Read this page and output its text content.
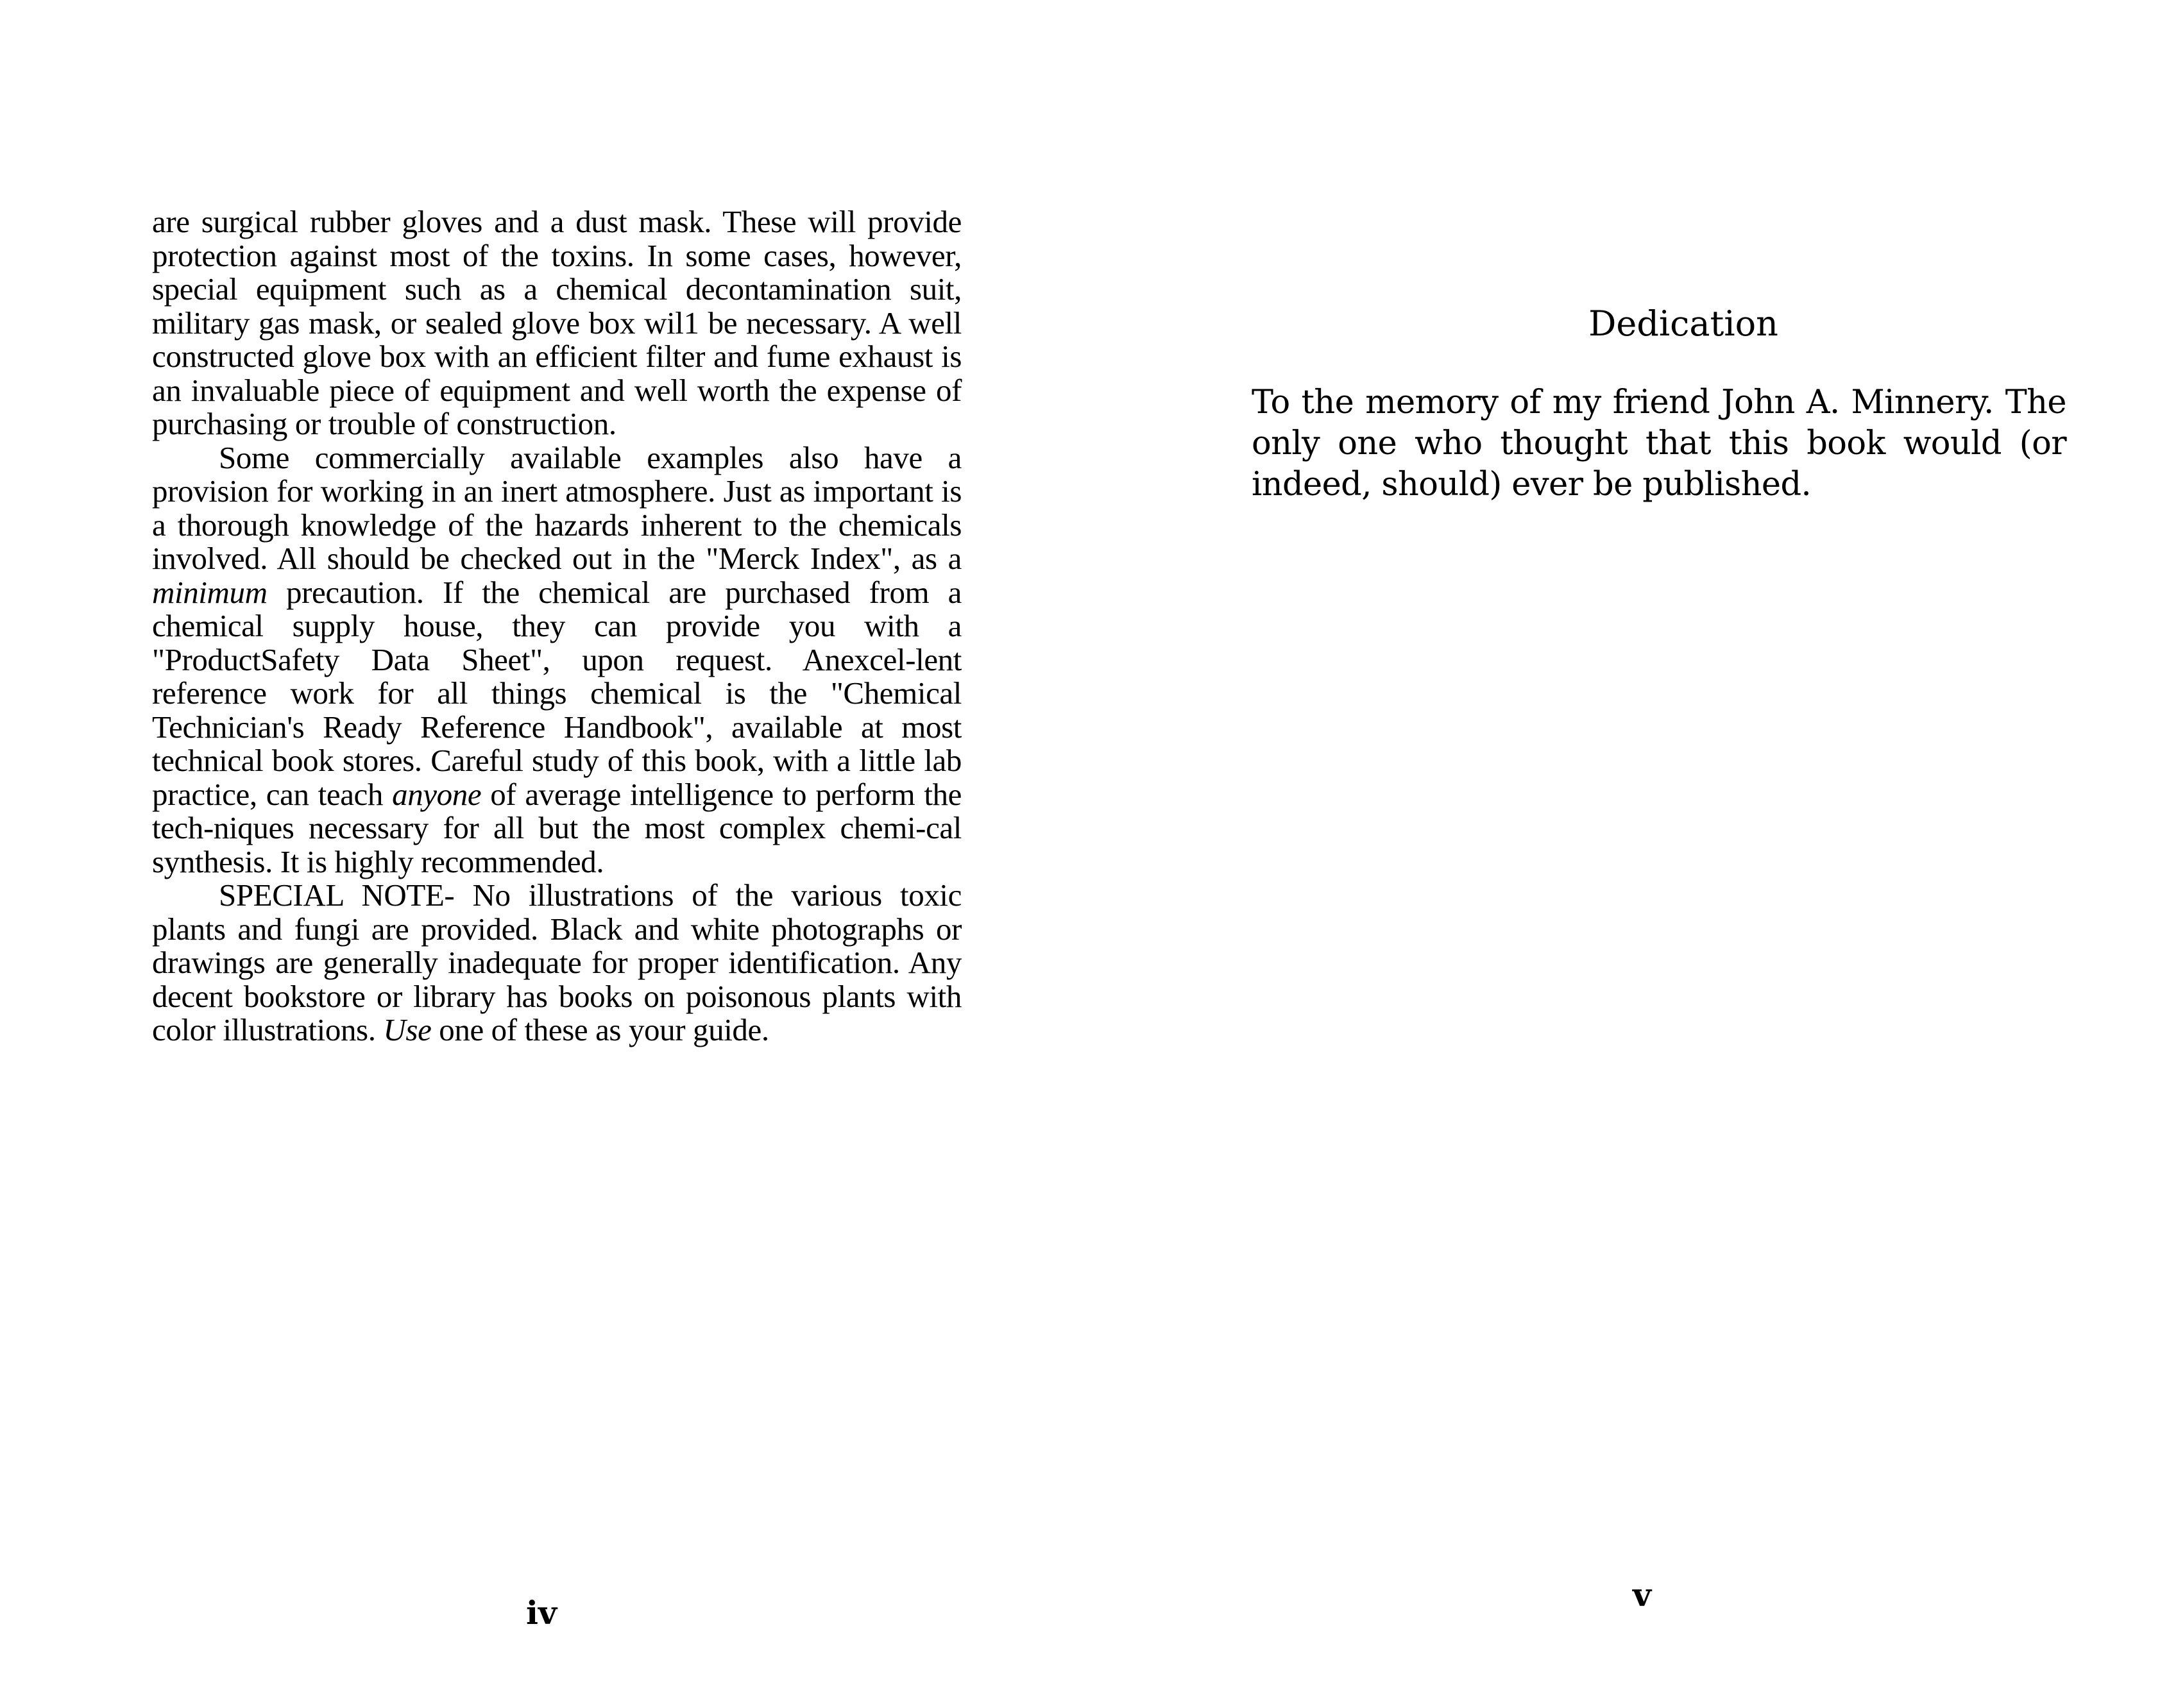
are surgical rubber gloves and a dust mask. These will provide protection against most of the toxins. In some cases, however, special equipment such as a chemical decontamination suit, military gas mask, or sealed glove box wil1 be necessary. A well constructed glove box with an efficient filter and fume exhaust is an invaluable piece of equipment and well worth the expense of purchasing or trouble of construction.

Some commercially available examples also have a provision for working in an inert atmosphere. Just as important is a thorough knowledge of the hazards inherent to the chemicals involved. All should be checked out in the "Merck Index", as a minimum precaution. If the chemical are purchased from a chemical supply house, they can provide you with a "ProductSafety Data Sheet", upon request. Anexcel-lent reference work for all things chemical is the "Chemical Technician's Ready Reference Handbook", available at most technical book stores. Careful study of this book, with a little lab practice, can teach anyone of average intelligence to perform the tech-niques necessary for all but the most complex chemi-cal synthesis. It is highly recommended.

SPECIAL NOTE- No illustrations of the various toxic plants and fungi are provided. Black and white photographs or drawings are generally inadequate for proper identification. Any decent bookstore or library has books on poisonous plants with color illustrations. Use one of these as your guide.

iv

Dedication

To the memory of my friend John A. Minnery. The only one who thought that this book would (or indeed, should) ever be published.

v
